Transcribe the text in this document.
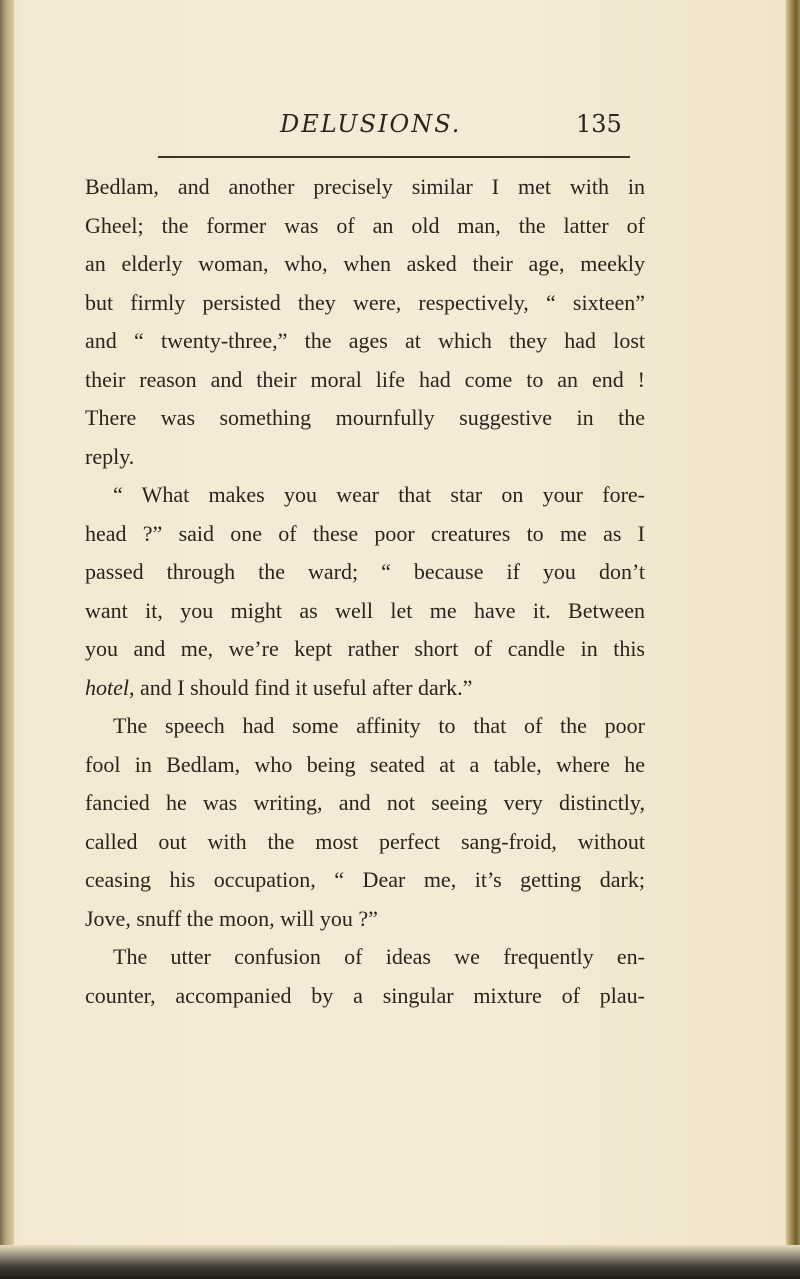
DELUSIONS.	135
Bedlam, and another precisely similar I met with in
Gheel; the former was of an old man, the latter of
an elderly woman, who, when asked their age, meekly
but firmly persisted they were, respectively, “ sixteen”
and “ twenty-three,” the ages at which they had lost
their reason and their moral life had come to an end !
There was something mournfully suggestive in the
reply.
“ What makes you wear that star on your fore-
head ?” said one of these poor creatures to me as I
passed through the ward; “ because if you don’t
want it, you might as well let me have it. Between
you and me, we’re kept rather short of candle in this
hotel, and I should find it useful after dark.”
The speech had some affinity to that of the poor
fool in Bedlam, who being seated at a table, where he
fancied he was writing, and not seeing very distinctly,
called out with the most perfect sang-froid, without
ceasing his occupation, “ Dear me, it’s getting dark;
Jove, snuff the moon, will you ?”
The utter confusion of ideas we frequently en-
counter, accompanied by a singular mixture of plau-
